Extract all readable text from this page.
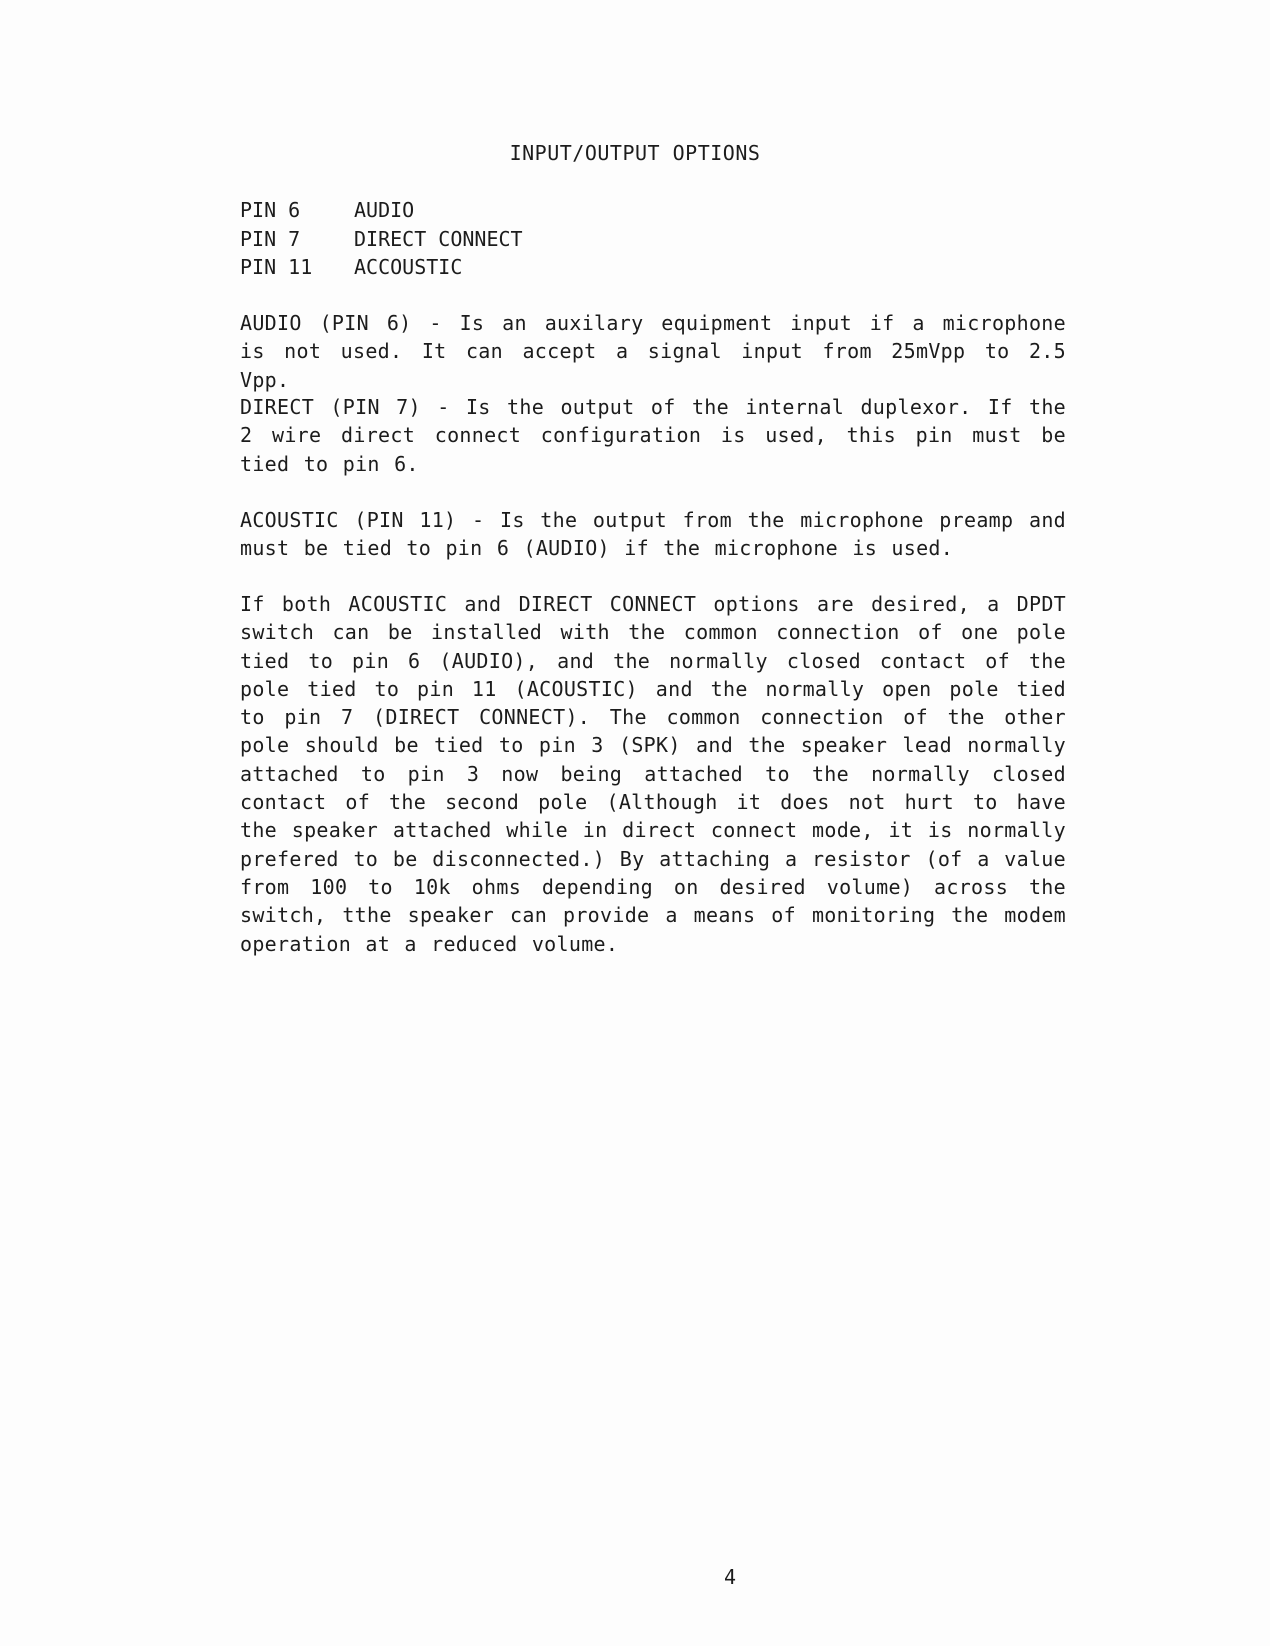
INPUT/OUTPUT OPTIONS
PIN 6	AUDIO
PIN 7	DIRECT CONNECT
PIN 11	ACCOUSTIC
AUDIO (PIN 6) - Is an auxilary equipment input if a microphone is not used. It can accept a signal input from 25mVpp to 2.5 Vpp.
DIRECT (PIN 7) - Is the output of the internal duplexor. If the 2 wire direct connect configuration is used, this pin must be tied to pin 6.
ACOUSTIC (PIN 11) - Is the output from the microphone preamp and must be tied to pin 6 (AUDIO) if the microphone is used.
If both ACOUSTIC and DIRECT CONNECT options are desired, a DPDT switch can be installed with the common connection of one pole tied to pin 6 (AUDIO), and the normally closed contact of the pole tied to pin 11 (ACOUSTIC) and the normally open pole tied to pin 7 (DIRECT CONNECT). The common connection of the other pole should be tied to pin 3 (SPK) and the speaker lead normally attached to pin 3 now being attached to the normally closed contact of the second pole (Although it does not hurt to have the speaker attached while in direct connect mode, it is normally prefered to be disconnected.) By attaching a resistor (of a value from 100 to 10k ohms depending on desired volume) across the switch, tthe speaker can provide a means of monitoring the modem operation at a reduced volume.
4
